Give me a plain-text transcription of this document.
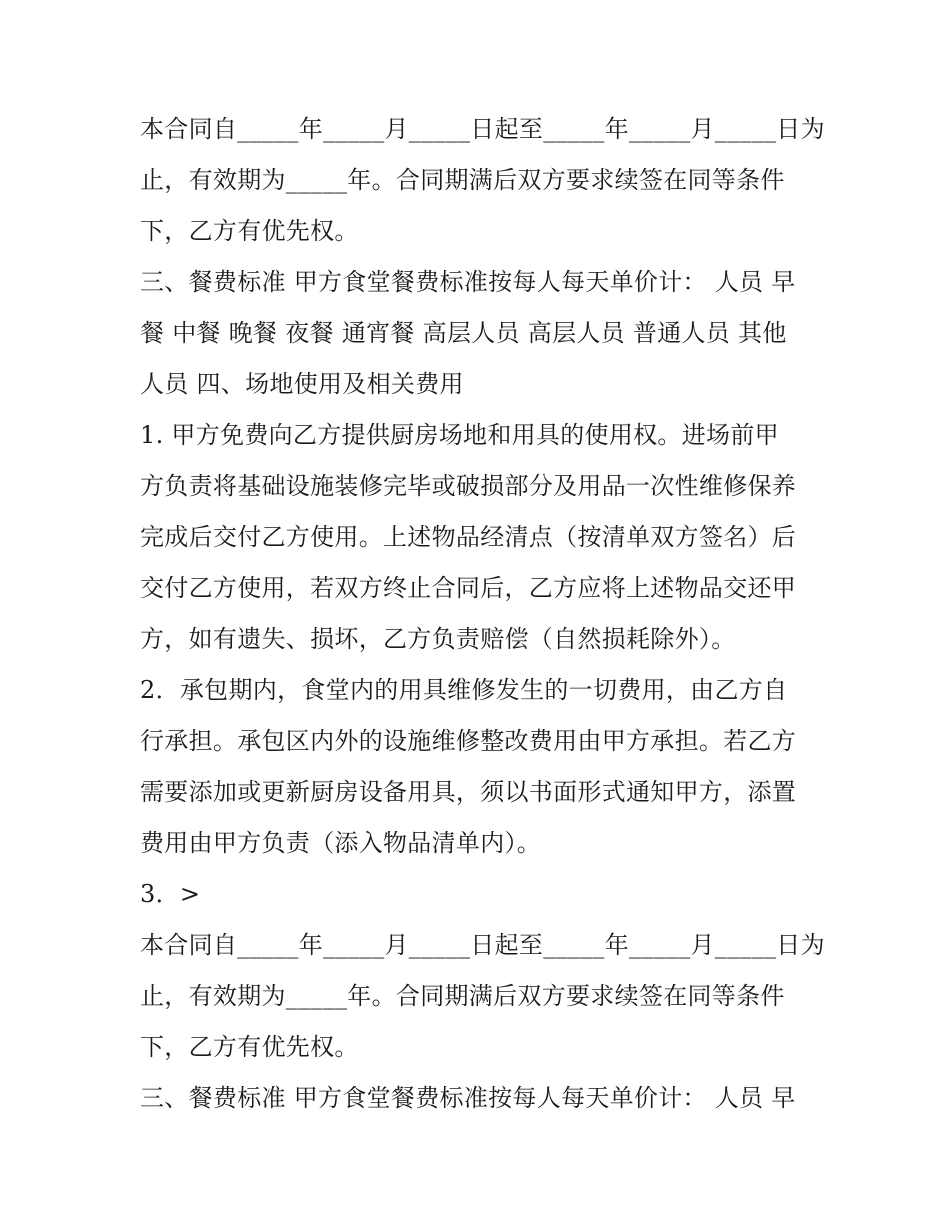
本合同自_____年_____月_____日起至_____年_____月_____日为
止，有效期为_____年。合同期满后双方要求续签在同等条件
下，乙方有优先权。
三、餐费标准 甲方食堂餐费标准按每人每天单价计： 人员 早
餐 中餐 晚餐 夜餐 通宵餐 高层人员 高层人员 普通人员 其他
人员 四、场地使用及相关费用
1. 甲方免费向乙方提供厨房场地和用具的使用权。进场前甲
方负责将基础设施装修完毕或破损部分及用品一次性维修保养
完成后交付乙方使用。上述物品经清点（按清单双方签名）后
交付乙方使用，若双方终止合同后，乙方应将上述物品交还甲
方，如有遗失、损坏，乙方负责赔偿（自然损耗除外）。
2．承包期内，食堂内的用具维修发生的一切费用，由乙方自
行承担。承包区内外的设施维修整改费用由甲方承担。若乙方
需要添加或更新厨房设备用具，须以书面形式通知甲方，添置
费用由甲方负责（添入物品清单内）。
3．>
本合同自_____年_____月_____日起至_____年_____月_____日为
止，有效期为_____年。合同期满后双方要求续签在同等条件
下，乙方有优先权。
三、餐费标准 甲方食堂餐费标准按每人每天单价计： 人员 早
